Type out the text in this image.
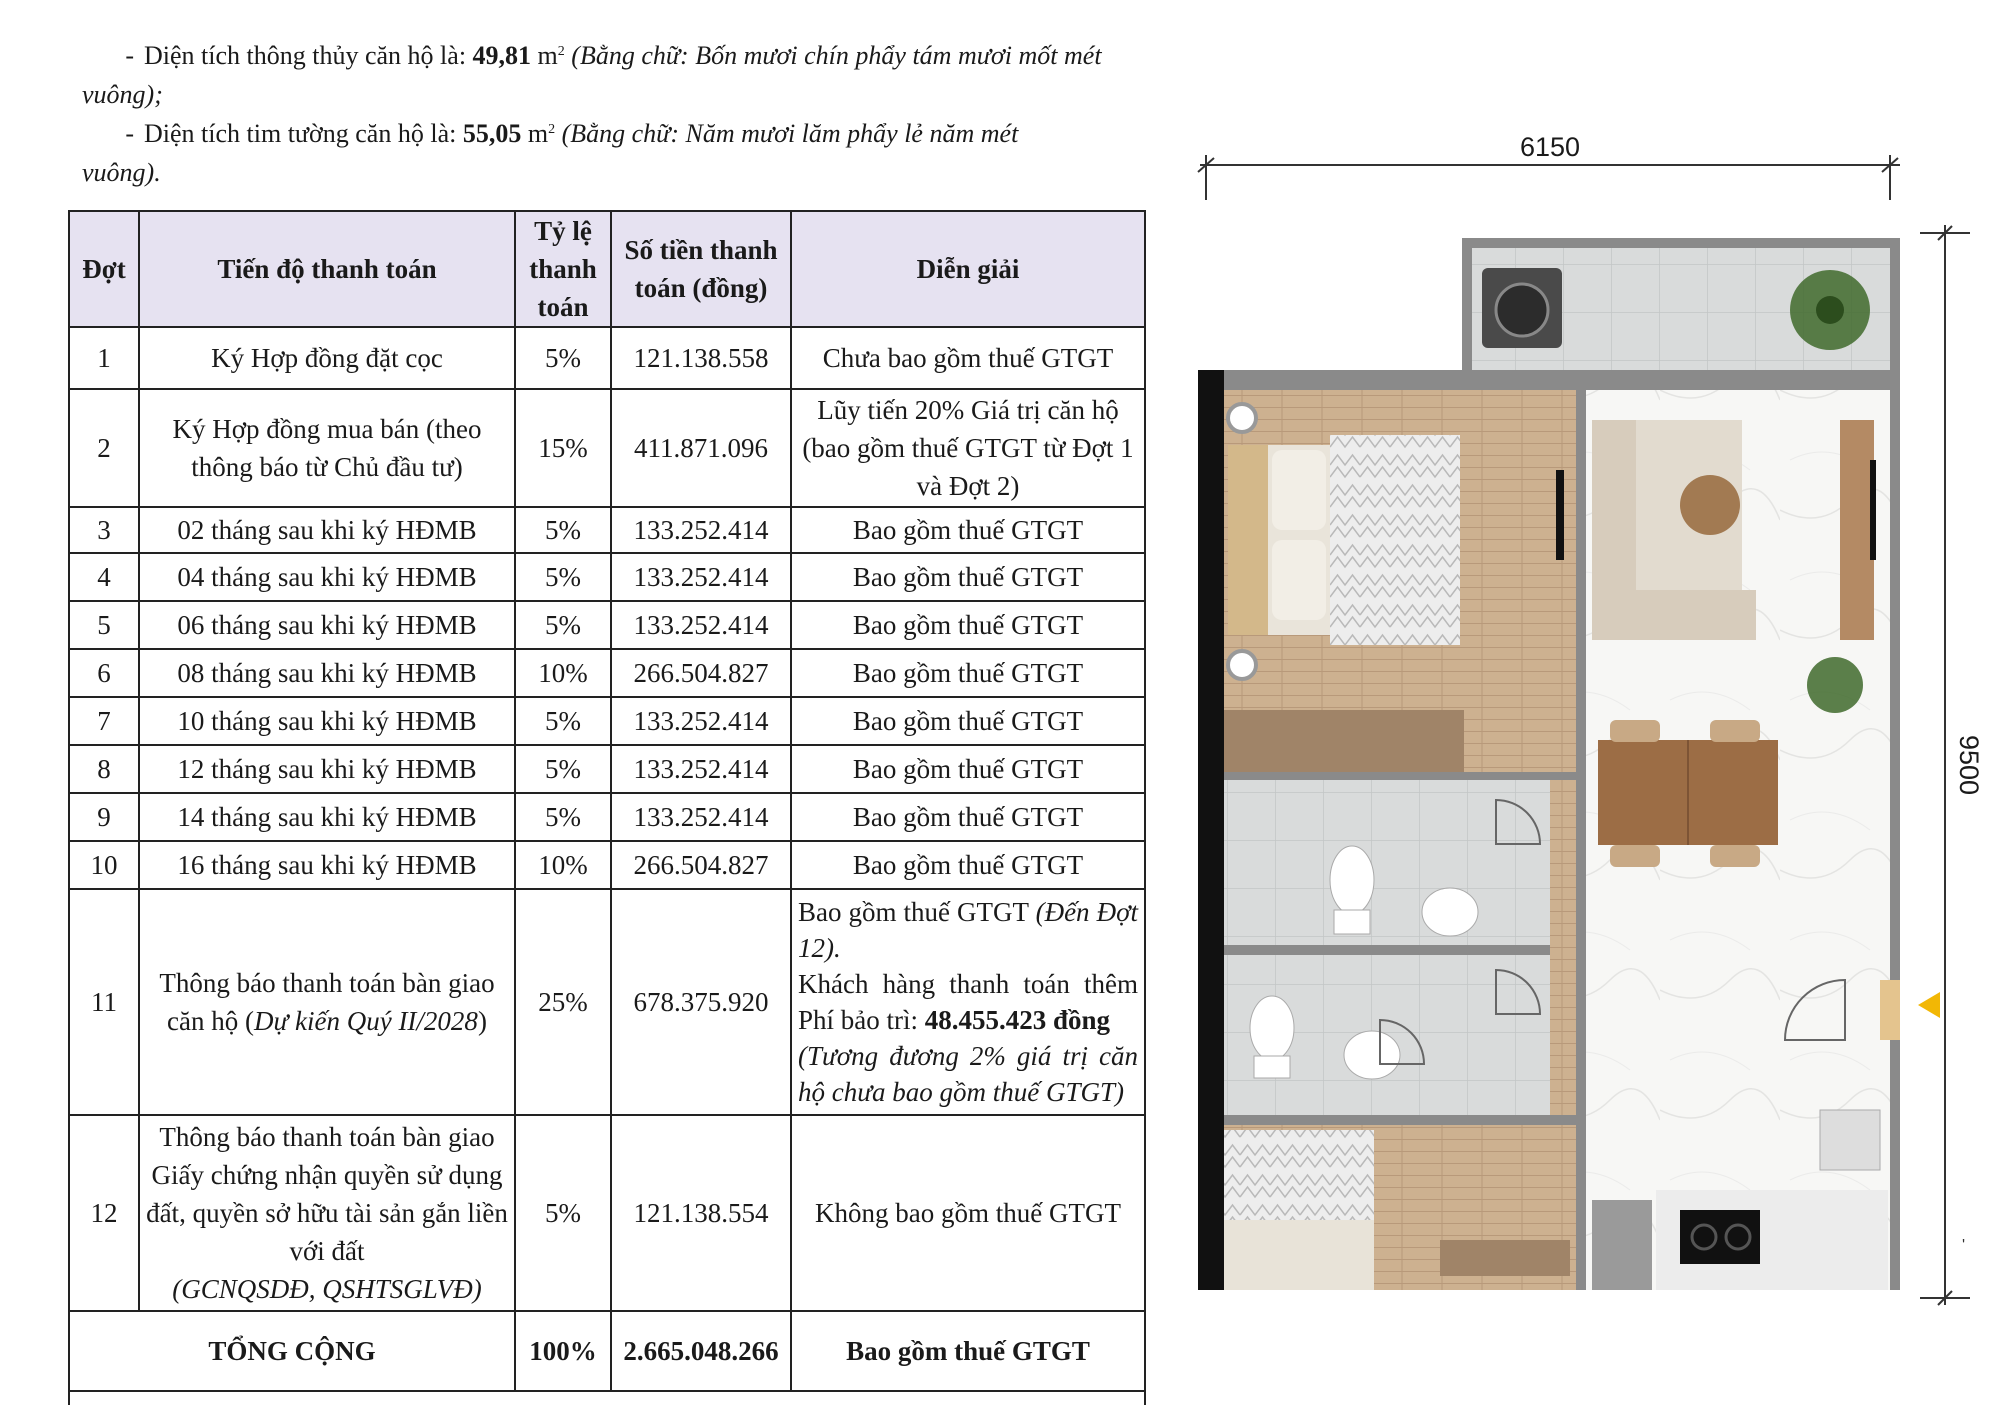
- Diện tích thông thủy căn hộ là: 49,81 $m^2$ (Bằng chữ: Bốn mươi chín phẩy tám mươi mốt mét vuông);
- Diện tích tim tường căn hộ là: 55,05 $m^2$ (Bằng chữ: Năm mươi lăm phẩy lẻ năm mét vuông).
Đợt	Tiến độ thanh toán	Tỷ lệ thanh toán	Số tiền thanh toán (đồng)	Diễn giải
1	Ký Hợp đồng đặt cọc	5%	121.138.558	Chưa bao gồm thuế GTGT
2	Ký Hợp đồng mua bán (theo thông báo từ Chủ đầu tư)	15%	411.871.096	Lũy tiến 20% Giá trị căn hộ (bao gồm thuế GTGT từ Đợt 1 và Đợt 2)
3	02 tháng sau khi ký HĐMB	5%	133.252.414	Bao gồm thuế GTGT
4	04 tháng sau khi ký HĐMB	5%	133.252.414	Bao gồm thuế GTGT
5	06 tháng sau khi ký HĐMB	5%	133.252.414	Bao gồm thuế GTGT
6	08 tháng sau khi ký HĐMB	10%	266.504.827	Bao gồm thuế GTGT
7	10 tháng sau khi ký HĐMB	5%	133.252.414	Bao gồm thuế GTGT
8	12 tháng sau khi ký HĐMB	5%	133.252.414	Bao gồm thuế GTGT
9	14 tháng sau khi ký HĐMB	5%	133.252.414	Bao gồm thuế GTGT
10	16 tháng sau khi ký HĐMB	10%	266.504.827	Bao gồm thuế GTGT
11	Thông báo thanh toán bàn giao căn hộ (Dự kiến Quý II/2028)	25%	678.375.920	Bao gồm thuế GTGT (Đến Đợt 12).
Khách hàng thanh toán thêm Phí bảo trì: 48.455.423 đồng
(Tương đương 2% giá trị căn hộ chưa bao gồm thuế GTGT)
12	Thông báo thanh toán bàn giao Giấy chứng nhận quyền sử dụng đất, quyền sở hữu tài sản gắn liền với đất
(GCNQSDĐ, QSHTSGLVĐ)	5%	121.138.554	Không bao gồm thuế GTGT
TỔNG CỘNG		100%	2.665.048.266	Bao gồm thuế GTGT

6150
9500
'
